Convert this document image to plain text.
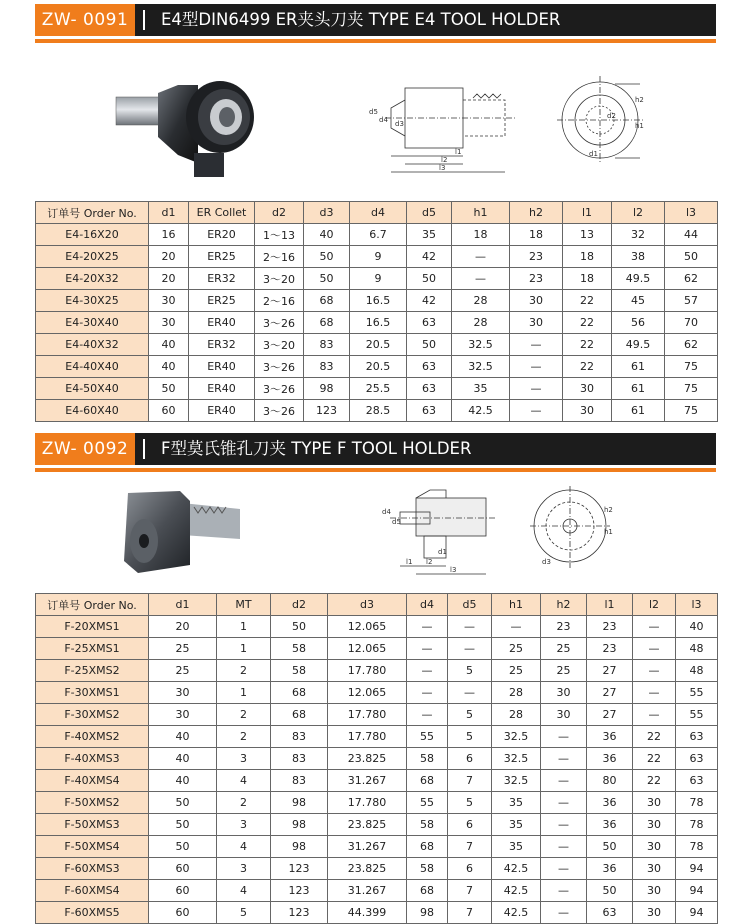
ZW- 0091	E4型DIN6499 ER夹头刀夹 TYPE E4 TOOL HOLDER
d5
d4 d3
l1
l2
l3
h1
h2
d2
d1
订单号 Order No.	d1	ER Collet	d2	d3	d4	d5	h1	h2	l1	l2	l3
E4-16X20	16	ER20	1～13	40	6.7	35	18	18	13	32	44
E4-20X25	20	ER25	2～16	50	9	42	—	23	18	38	50
E4-20X32	20	ER32	3～20	50	9	50	—	23	18	49.5	62
E4-30X25	30	ER25	2～16	68	16.5	42	28	30	22	45	57
E4-30X40	30	ER40	3～26	68	16.5	63	28	30	22	56	70
E4-40X32	40	ER32	3～20	83	20.5	50	32.5	—	22	49.5	62
E4-40X40	40	ER40	3～26	83	20.5	63	32.5	—	22	61	75
E4-50X40	50	ER40	3～26	98	25.5	63	35	—	30	61	75
E4-60X40	60	ER40	3～26	123	28.5	63	42.5	—	30	61	75
ZW- 0092	F型莫氏锥孔刀夹 TYPE F TOOL HOLDER
d4
d5
d1
l1 l2
l3
h1
h2
d3
订单号 Order No.	d1	MT	d2	d3	d4	d5	h1	h2	l1	l2	l3
F-20XMS1	20	1	50	12.065	—	—	—	23	23	—	40
F-25XMS1	25	1	58	12.065	—	—	25	25	23	—	48
F-25XMS2	25	2	58	17.780	—	5	25	25	27	—	48
F-30XMS1	30	1	68	12.065	—	—	28	30	27	—	55
F-30XMS2	30	2	68	17.780	—	5	28	30	27	—	55
F-40XMS2	40	2	83	17.780	55	5	32.5	—	36	22	63
F-40XMS3	40	3	83	23.825	58	6	32.5	—	36	22	63
F-40XMS4	40	4	83	31.267	68	7	32.5	—	80	22	63
F-50XMS2	50	2	98	17.780	55	5	35	—	36	30	78
F-50XMS3	50	3	98	23.825	58	6	35	—	36	30	78
F-50XMS4	50	4	98	31.267	68	7	35	—	50	30	78
F-60XMS3	60	3	123	23.825	58	6	42.5	—	36	30	94
F-60XMS4	60	4	123	31.267	68	7	42.5	—	50	30	94
F-60XMS5	60	5	123	44.399	98	7	42.5	—	63	30	94
